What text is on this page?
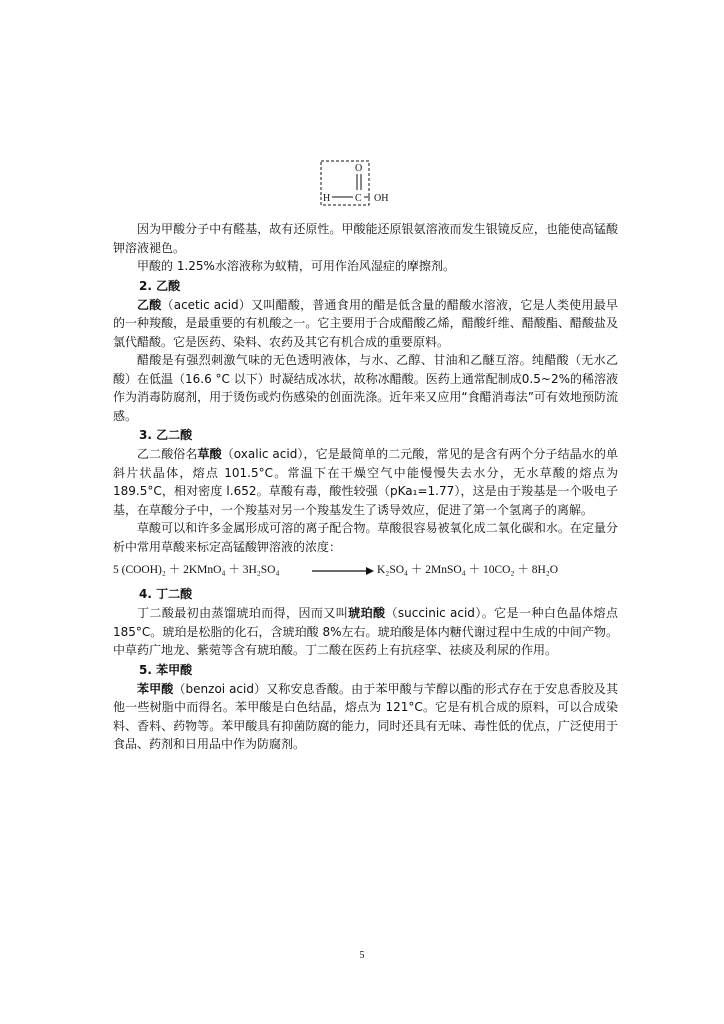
O
H C OH

因为甲酸分子中有醛基，故有还原性。甲酸能还原银氨溶液而发生银镜反应，也能使高锰酸钾溶液褪色。

甲酸的 1.25%水溶液称为蚁精，可用作治风湿症的摩擦剂。

2. 乙酸

乙酸（acetic acid）又叫醋酸，普通食用的醋是低含量的醋酸水溶液，它是人类使用最早的一种羧酸，是最重要的有机酸之一。它主要用于合成醋酸乙烯，醋酸纤维、醋酸酯、醋酸盐及氯代醋酸。它是医药、染料、农药及其它有机合成的重要原料。

醋酸是有强烈刺激气味的无色透明液体，与水、乙醇、甘油和乙醚互溶。纯醋酸（无水乙酸）在低温（16.6 °C 以下）时凝结成冰状，故称冰醋酸。医药上通常配制成0.5~2%的稀溶液作为消毒防腐剂，用于烫伤或灼伤感染的创面洗涤。近年来又应用“食醋消毒法”可有效地预防流感。

3. 乙二酸

乙二酸俗名草酸（oxalic acid），它是最简单的二元酸，常见的是含有两个分子结晶水的单斜片状晶体，熔点 101.5°C。常温下在干燥空气中能慢慢失去水分，无水草酸的熔点为 189.5°C，相对密度 l.652。草酸有毒，酸性较强（pKa₁=1.77），这是由于羧基是一个吸电子基，在草酸分子中，一个羧基对另一个羧基发生了诱导效应，促进了第一个氢离子的离解。

草酸可以和许多金属形成可溶的离子配合物。草酸很容易被氧化成二氧化碳和水。在定量分析中常用草酸来标定高锰酸钾溶液的浓度：

5 (COOH)₂ ＋ 2KMnO₄ ＋ 3H₂SO₄	K₂SO₄ ＋ 2MnSO₄ ＋ 10CO₂ ＋ 8H₂O

4. 丁二酸

丁二酸最初由蒸馏琥珀而得，因而又叫琥珀酸（succinic acid）。它是一种白色晶体熔点 185°C。琥珀是松脂的化石，含琥珀酸 8%左右。琥珀酸是体内糖代谢过程中生成的中间产物。中草药广地龙、紫菀等含有琥珀酸。丁二酸在医药上有抗痉挛、祛痰及利尿的作用。

5. 苯甲酸

苯甲酸（benzoi acid）又称安息香酸。由于苯甲酸与苄醇以酯的形式存在于安息香胶及其他一些树脂中而得名。苯甲酸是白色结晶，熔点为 121°C。它是有机合成的原料，可以合成染料、香料、药物等。苯甲酸具有抑菌防腐的能力，同时还具有无味、毒性低的优点，广泛使用于食品、药剂和日用品中作为防腐剂。

5
